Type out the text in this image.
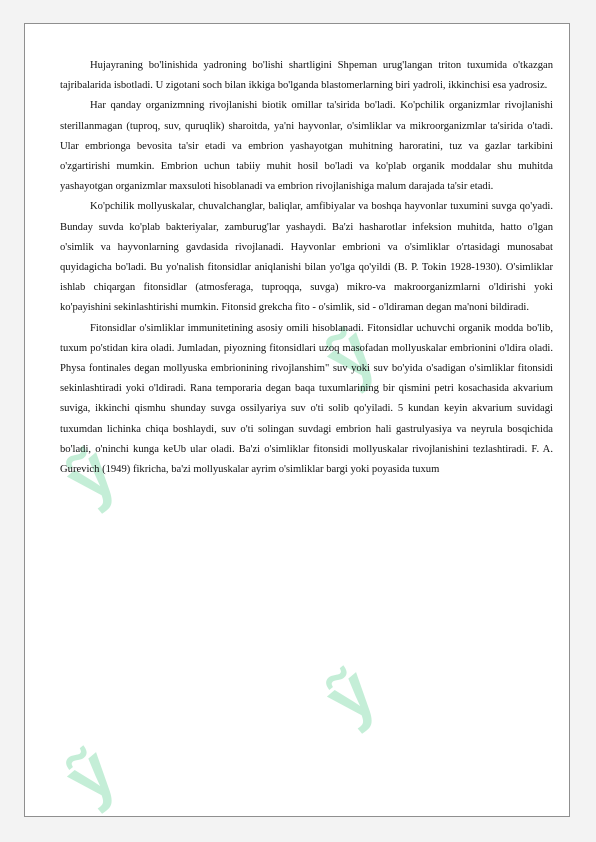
ỹ
ỹ
ỹ
ỹ

Hujayraning bo'linishida yadroning bo'lishi shartligini Shpeman urug'langan triton tuxumida o'tkazgan tajribalarida isbotladi. U zigotani soch bilan ikkiga bo'lganda blastomerlarning biri yadroli, ikkinchisi esa yadrosiz.

Har qanday organizmning rivojlanishi biotik omillar ta'sirida bo'ladi. Ko'pchilik organizmlar rivojlanishi sterillanmagan (tuproq, suv, quruqlik) sharoitda, ya'ni hayvonlar, o'simliklar va mikroorganizmlar ta'sirida o'tadi. Ular embrionga bevosita ta'sir etadi va embrion yashayotgan muhitning haroratini, tuz va gazlar tarkibini o'zgartirishi mumkin. Embrion uchun tabiiy muhit hosil bo'ladi va ko'plab organik moddalar shu muhitda yashayotgan organizmlar maxsuloti hisoblanadi va embrion rivojlanishiga malum darajada ta'sir etadi.

Ko'pchilik mollyuskalar, chuvalchanglar, baliqlar, amfibiyalar va boshqa hayvonlar tuxumini suvga qo'yadi. Bunday suvda ko'plab bakteriyalar, zamburug'lar yashaydi. Ba'zi hasharotlar infeksion muhitda, hatto o'lgan o'simlik va hayvonlarning gavdasida rivojlanadi. Hayvonlar embrioni va o'simliklar o'rtasidagi munosabat quyidagicha bo'ladi. Bu yo'nalish fitonsidlar aniqlanishi bilan yo'lga qo'yildi (B. P. Tokin 1928-1930). O'simliklar ishlab chiqargan fitonsidlar (atmosferaga, tuproqqa, suvga) mikro-va makroorganizmlarni o'ldirishi yoki ko'payishini sekinlashtirishi mumkin. Fitonsid grekcha fito - o'simlik, sid - o'ldiraman degan ma'noni bildiradi.

Fitonsidlar o'simliklar immunitetining asosiy omili hisoblanadi. Fitonsidlar uchuvchi organik modda bo'lib, tuxum po'stidan kira oladi. Jumladan, piyozning fitonsidlari uzoq masofadan mollyuskalar embrionini o'ldira oladi. Physa fontinales degan mollyuska embrionining rivojlanshim" suv yoki suv bo'yida o'sadigan o'simliklar fitonsidi sekinlashtiradi yoki o'ldiradi. Rana temporaria degan baqa tuxumlarining bir qismini petri kosachasida akvarium suviga, ikkinchi qismhu shunday suvga ossilyariya suv o'ti solib qo'yiladi. 5 kundan keyin akvarium suvidagi tuxumdan lichinka chiqa boshlaydi, suv o'ti solingan suvdagi embrion hali gastrulyasiya va neyrula bosqichida bo'ladi, o'ninchi kunga keUb ular oladi. Ba'zi o'simliklar fitonsidi mollyuskalar rivojlanishini tezlashtiradi. F. A. Gurevich (1949) fikricha, ba'zi mollyuskalar ayrim o'simliklar bargi yoki poyasida tuxum
